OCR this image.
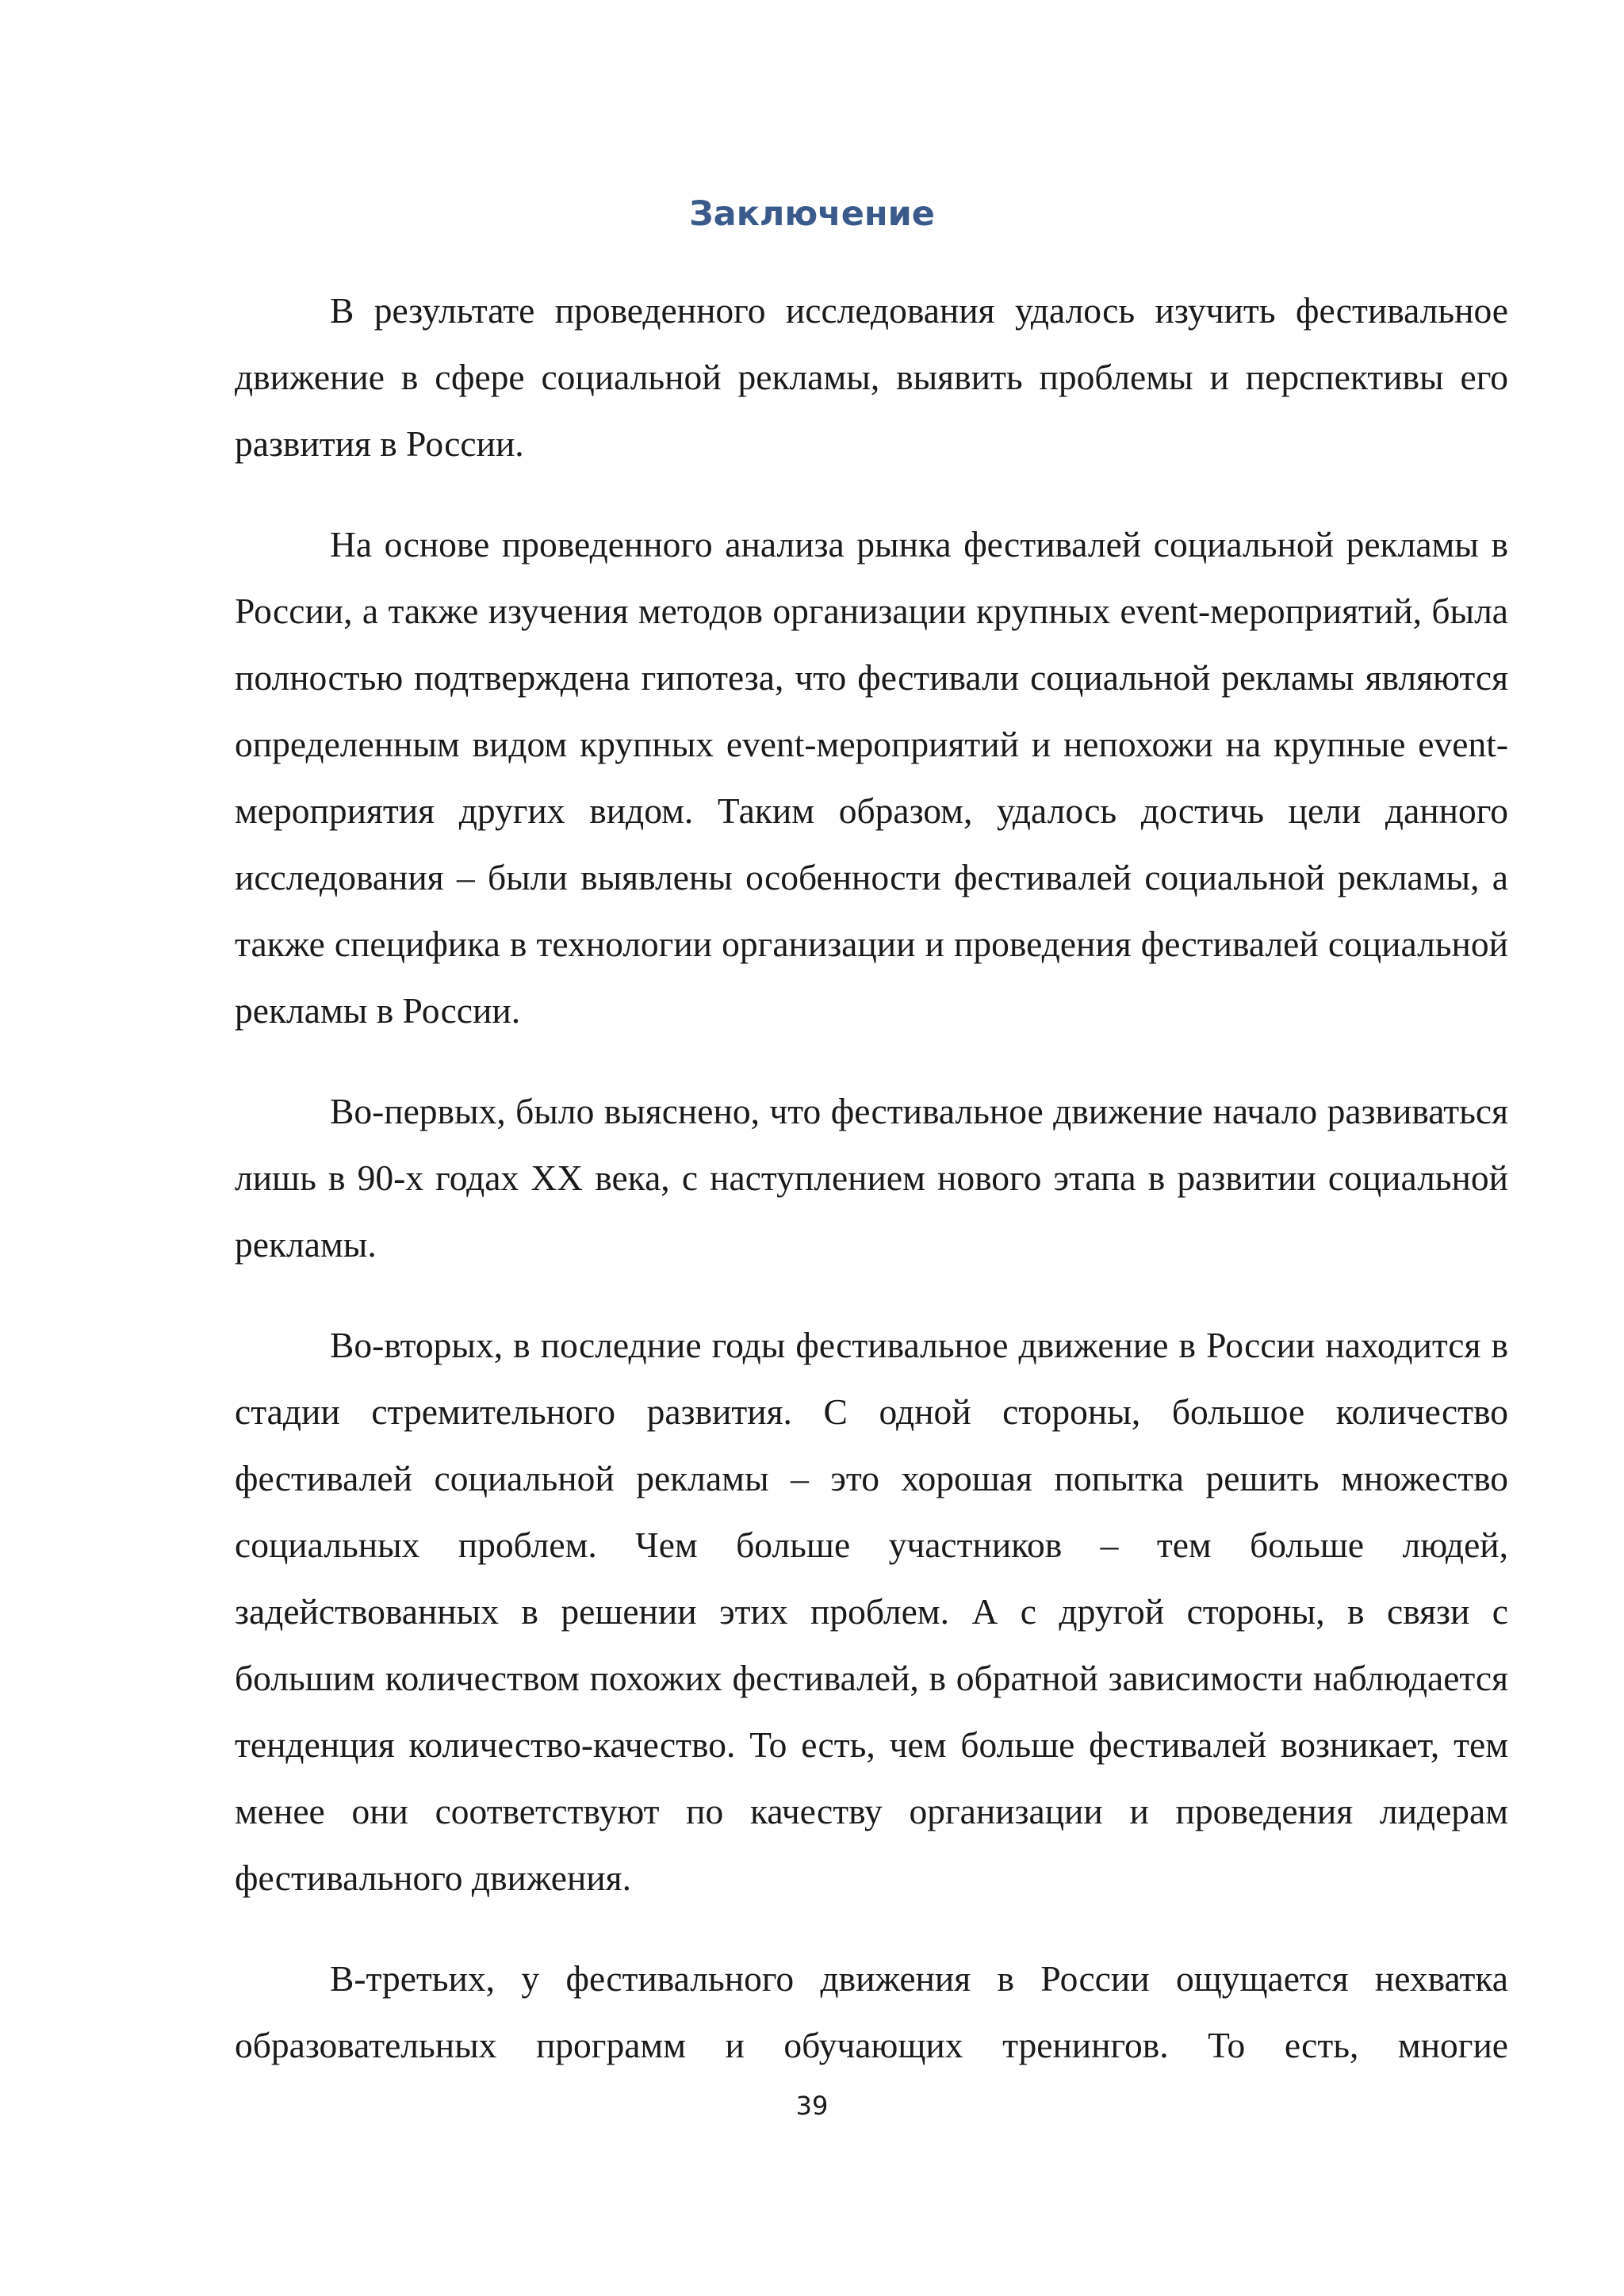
Заключение

В результате проведенного исследования удалось изучить фестивальное движение в сфере социальной рекламы, выявить проблемы и перспективы его развития в России.

На основе проведенного анализа рынка фестивалей социальной рекламы в России, а также изучения методов организации крупных event-мероприятий, была полностью подтверждена гипотеза, что фестивали социальной рекламы являются определенным видом крупных event-мероприятий и непохожи на крупные event-мероприятия других видом. Таким образом, удалось достичь цели данного исследования – были выявлены особенности фестивалей социальной рекламы, а также специфика в технологии организации и проведения фестивалей социальной рекламы в России.

Во-первых, было выяснено, что фестивальное движение начало развиваться лишь в 90-х годах XX века, с наступлением нового этапа в развитии социальной рекламы.

Во-вторых, в последние годы фестивальное движение в России находится в стадии стремительного развития. С одной стороны, большое количество фестивалей социальной рекламы – это хорошая попытка решить множество социальных проблем. Чем больше участников – тем больше людей, задействованных в решении этих проблем. А с другой стороны, в связи с большим количеством похожих фестивалей, в обратной зависимости наблюдается тенденция количество-качество. То есть, чем больше фестивалей возникает, тем менее они соответствуют по качеству организации и проведения лидерам фестивального движения.

В-третьих, у фестивального движения в России ощущается нехватка образовательных программ и обучающих тренингов. То есть, многие

39
